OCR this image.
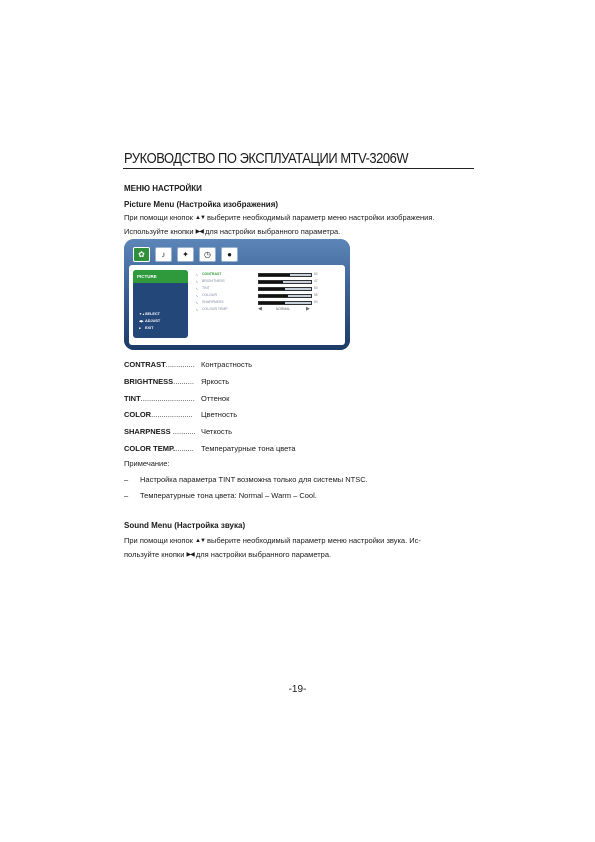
РУКОВОДСТВО ПО ЭКСПЛУАТАЦИИ MTV-3206W
МЕНЮ НАСТРОЙКИ
Picture Menu (Настройка изображения)
При помощи кнопок ▲▼ выберите необходимый параметр меню настройки изображения.
Используйте кнопки ▶◀ для настройки выбранного параметра.
✿	♪	✦	◷	●
PICTURE
▼▲SELECT
◀▶ADJUST
■ EXIT
◟ CONTRAST	60
◟ BRIGHTNESS	47
◟ TINT	50
◟ COLOUR	55
◟ SHARPNESS	50
◟ COLOUR TEMP.	◀	NORMAL	▶
CONTRAST.............. Контрастность
BRIGHTNESS.......... Яркость
TINT.......................... Оттенок
COLOR.................... Цветность
SHARPNESS ........... Четкость
COLOR TEMP.......... Температурные тона цвета
Примечание:
– Настройка параметра TINT возможна только для системы NTSC.
– Температурные тона цвета: Normal – Warm – Cool.
Sound Menu (Настройка звука)
При помощи кнопок ▲▼ выберите необходимый параметр меню настройки звука. Ис-
пользуйте кнопки ▶◀ для настройки выбранного параметра.
-19-
